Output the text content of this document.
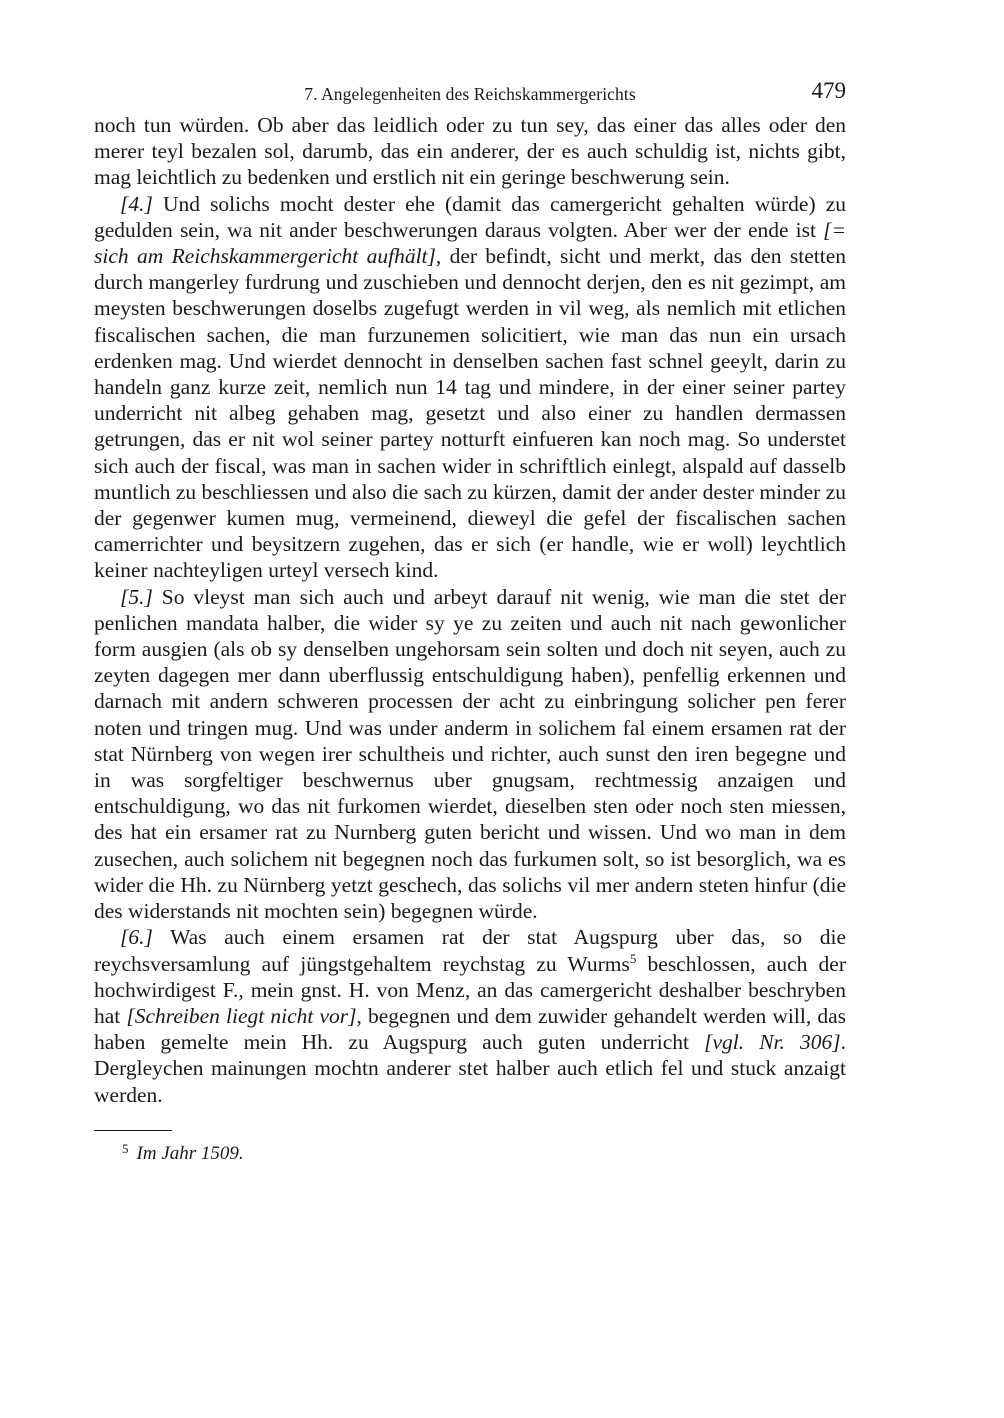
7. Angelegenheiten des Reichskammergerichts	479

noch tun würden. Ob aber das leidlich oder zu tun sey, das einer das alles oder den merer teyl bezalen sol, darumb, das ein anderer, der es auch schuldig ist, nichts gibt, mag leichtlich zu bedenken und erstlich nit ein geringe beschwerung sein.

[4.] Und solichs mocht dester ehe (damit das camergericht gehalten würde) zu gedulden sein, wa nit ander beschwerungen daraus volgten. Aber wer der ende ist [= sich am Reichskammergericht aufhält], der befindt, sicht und merkt, das den stetten durch mangerley furdrung und zuschieben und dennocht derjen, den es nit gezimpt, am meysten beschwerungen doselbs zugefugt werden in vil weg, als nemlich mit etlichen fiscalischen sachen, die man furzunemen solicitiert, wie man das nun ein ursach erdenken mag. Und wierdet dennocht in denselben sachen fast schnel geeylt, darin zu handeln ganz kurze zeit, nemlich nun 14 tag und mindere, in der einer seiner partey underricht nit albeg gehaben mag, gesetzt und also einer zu handlen dermassen getrungen, das er nit wol seiner partey notturft einfueren kan noch mag. So understet sich auch der fiscal, was man in sachen wider in schriftlich einlegt, alspald auf dasselb muntlich zu beschliessen und also die sach zu kürzen, damit der ander dester minder zu der gegenwer kumen mug, vermeinend, dieweyl die gefel der fiscalischen sachen camerrichter und beysitzern zugehen, das er sich (er handle, wie er woll) leychtlich keiner nachteyligen urteyl versech kind.

[5.] So vleyst man sich auch und arbeyt darauf nit wenig, wie man die stet der penlichen mandata halber, die wider sy ye zu zeiten und auch nit nach gewonlicher form ausgien (als ob sy denselben ungehorsam sein solten und doch nit seyen, auch zu zeyten dagegen mer dann uberflussig entschuldigung haben), penfellig erkennen und darnach mit andern schweren processen der acht zu einbringung solicher pen ferer noten und tringen mug. Und was under anderm in solichem fal einem ersamen rat der stat Nürnberg von wegen irer schultheis und richter, auch sunst den iren begegne und in was sorgfeltiger beschwernus uber gnugsam, rechtmessig anzaigen und entschuldigung, wo das nit furkomen wierdet, dieselben sten oder noch sten miessen, des hat ein ersamer rat zu Nurnberg guten bericht und wissen. Und wo man in dem zusechen, auch solichem nit begegnen noch das furkumen solt, so ist besorglich, wa es wider die Hh. zu Nürnberg yetzt geschech, das solichs vil mer andern steten hinfur (die des widerstands nit mochten sein) begegnen würde.

[6.] Was auch einem ersamen rat der stat Augspurg uber das, so die reychsversamlung auf jüngstgehaltem reychstag zu Wurms$^5$ beschlossen, auch der hochwirdigest F., mein gnst. H. von Menz, an das camergericht deshalber beschryben hat [Schreiben liegt nicht vor], begegnen und dem zuwider gehandelt werden will, das haben gemelte mein Hh. zu Augspurg auch guten underricht [vgl. Nr. 306]. Dergleychen mainungen mochtn anderer stet halber auch etlich fel und stuck anzaigt werden.

$^5$ Im Jahr 1509.
